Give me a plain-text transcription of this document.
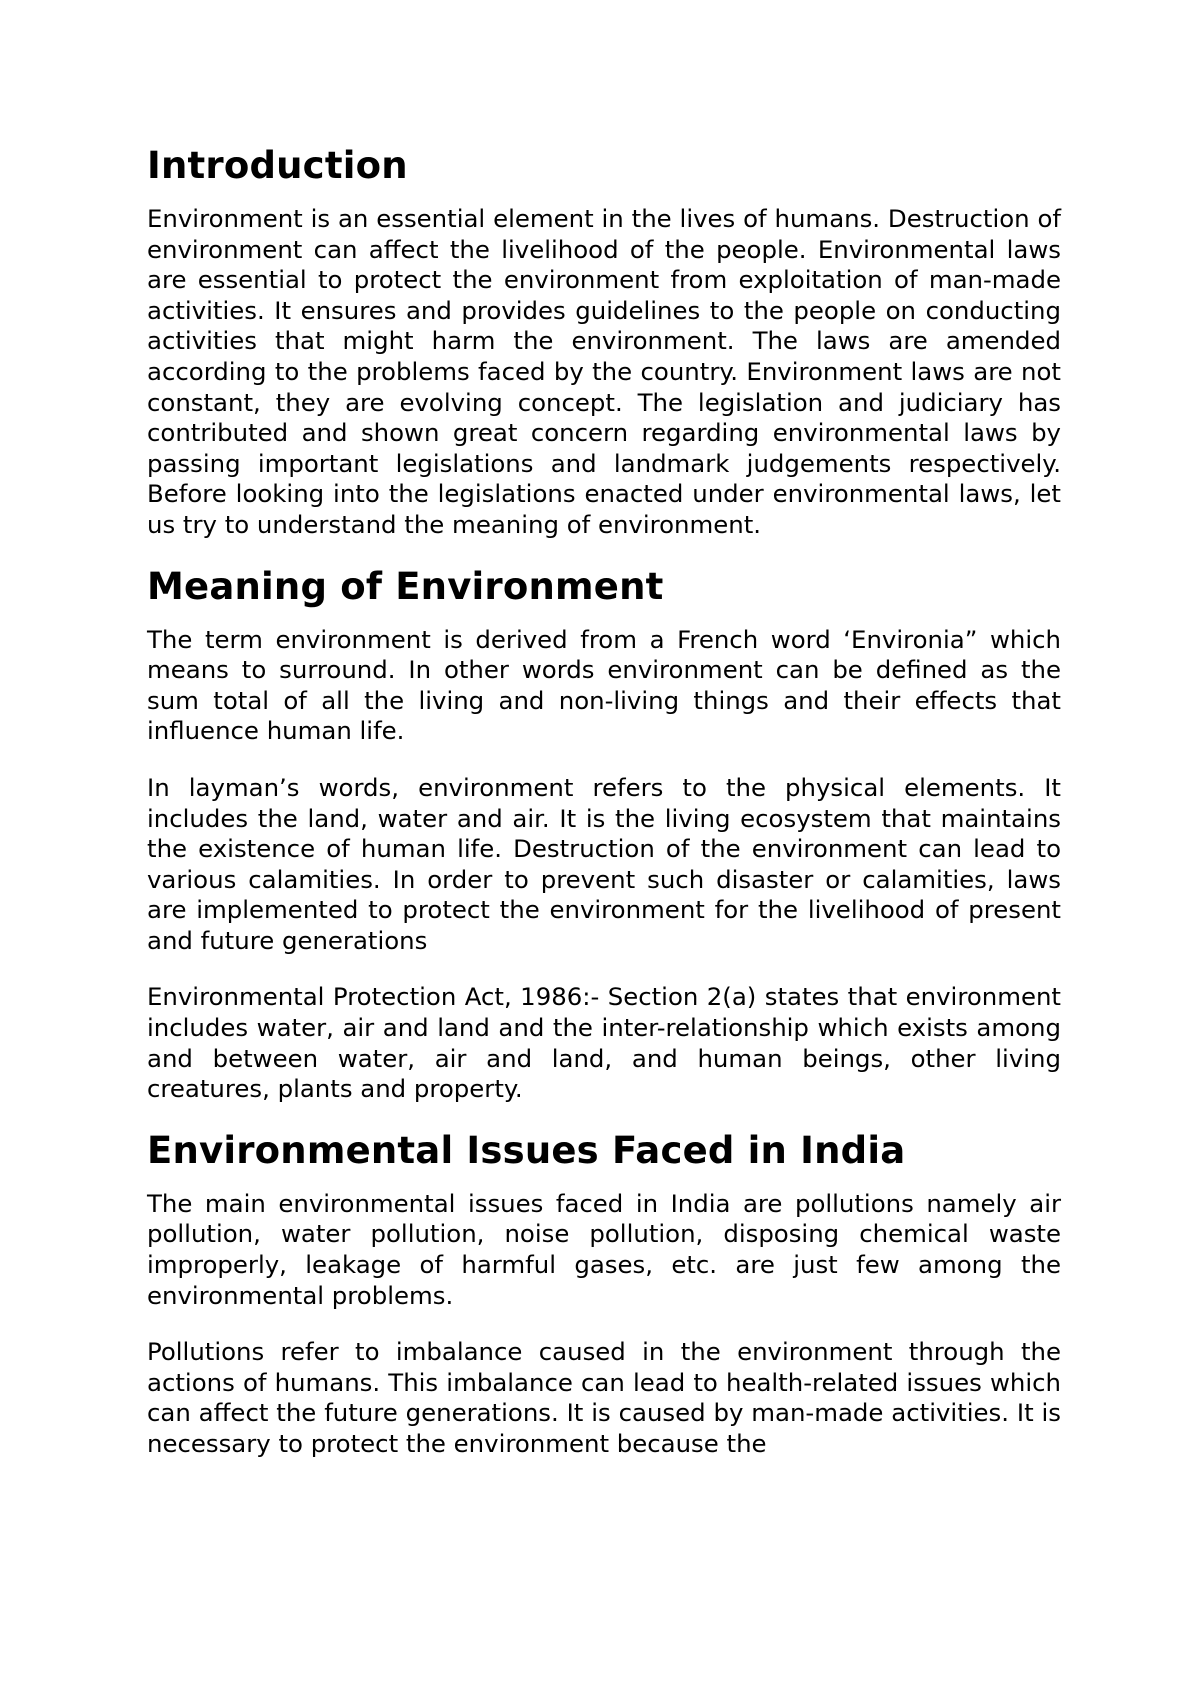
Introduction

Environment is an essential element in the lives of humans. Destruction of environment can affect the livelihood of the people. Environmental laws are essential to protect the environment from exploitation of man-made activities. It ensures and provides guidelines to the people on conducting activities that might harm the environment. The laws are amended according to the problems faced by the country. Environment laws are not constant, they are evolving concept. The legislation and judiciary has contributed and shown great concern regarding environmental laws by passing important legislations and landmark judgements respectively. Before looking into the legislations enacted under environmental laws, let us try to understand the meaning of environment.

Meaning of Environment

The term environment is derived from a French word ‘Environia” which means to surround. In other words environment can be defined as the sum total of all the living and non-living things and their effects that influence human life.

In layman’s words, environment refers to the physical elements. It includes the land, water and air. It is the living ecosystem that maintains the existence of human life. Destruction of the environment can lead to various calamities. In order to prevent such disaster or calamities, laws are implemented to protect the environment for the livelihood of present and future generations

Environmental Protection Act, 1986:- Section 2(a) states that environment includes water, air and land and the inter-relationship which exists among and between water, air and land, and human beings, other living creatures, plants and property.

Environmental Issues Faced in India

The main environmental issues faced in India are pollutions namely air pollution, water pollution, noise pollution, disposing chemical waste improperly, leakage of harmful gases, etc. are just few among the environmental problems.

Pollutions refer to imbalance caused in the environment through the actions of humans. This imbalance can lead to health-related issues which can affect the future generations. It is caused by man-made activities. It is necessary to protect the environment because the
